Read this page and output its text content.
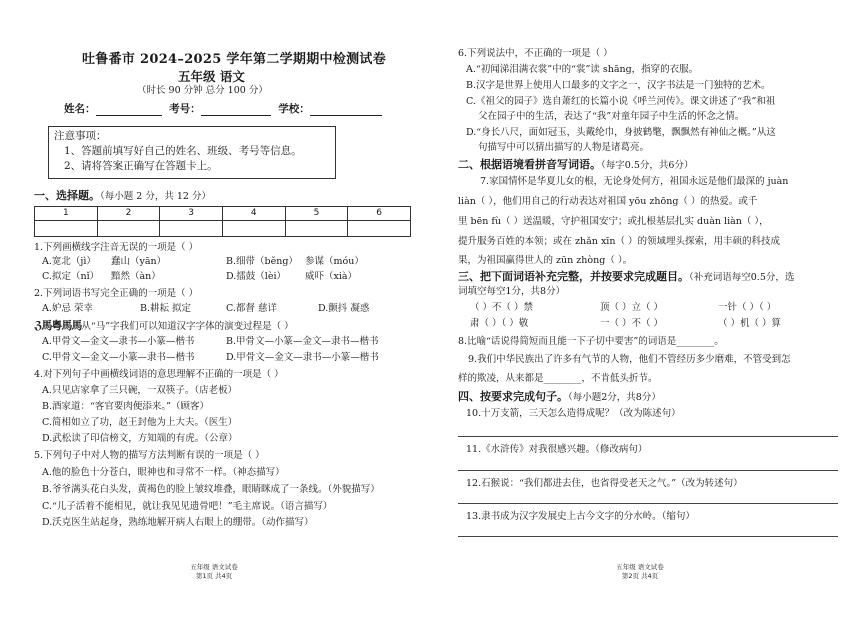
吐鲁番市 2024–2025 学年第二学期期中检测试卷
五年级 语文
（时长 90 分钟 总分 100 分）
姓名：	考号：	学校：
注意事项：
1、答题前填写好自己的姓名、班级、考号等信息。
2、请将答案正确写在答题卡上。
一、选择题。（每小题 2 分，共 12 分）
1	2	3	4	5	6

1.下列画横线字注音无误的一项是（ ）
A.宽北（jì） 蠢山（yān）	B.细带（běng） 参谋（móu）
C.拟定（nǐ） 黯然（àn）	D.擂鼓（lèi） 威吓（xià）
2.下列词语书写完全正确的一项是（ ）
A.妒忌 荣幸	B.耕耘 拟定	C.都督 慈详	D.颤抖 凝惑
ℨ馬粤馬馬从“马”字我们可以知道汉字字体的演变过程是（ ）
A.甲骨文—金文—隶书—小篆—楷书	B.甲骨文—小篆—金文—隶书—楷书
C.甲骨文—金文—小篆—隶书—楷书	D.甲骨文—金文—隶书—小篆—楷书
4.对下列句子中画横线词语的意思理解不正确的一项是（ ）
A.只见店家拿了三只碗，一双筷子。（店老板）
B.酒家道：“客官要肉便添来。”（顾客）
C.简相如立了功，赵王封他为上大夫。（医生）
D.武松读了印信榜文，方知端的有虎。（公章）
5.下列句子中对人物的描写方法判断有误的一项是（ ）
A.他的脸色十分苍白，眼神也和寻常不一样。（神态描写）
B.爷爷满头花白头发，黄褐色的脸上皱纹堆叠，眼睛眯成了一条线。（外貌描写）
C.“儿子活着不能相见，就让我见见遗骨吧！”毛主席说。（语言描写）
D.沃克医生站起身，熟练地解开病人右眼上的绷带。（动作描写）
五年级 语文试卷
第1页 共4页
6.下列说法中，不正确的一项是（ ）
A.“初闻涕泪满衣裳”中的“裳”读 shāng，指穿的衣服。
B.汉字是世界上使用人口最多的文字之一，汉字书法是一门独特的艺术。
C.《祖父的园子》选自萧红的长篇小说《呼兰河传》。课文讲述了“我”和祖
父在园子中的生活，表达了“我”对童年园子中生活的怀念之情。
D.“身长八尺，面如冠玉，头戴纶巾，身披鹤氅，飘飘然有神仙之概。”从这
句描写中可以猜出描写的人物是诸葛亮。
二、根据语境看拼音写词语。（每字0.5分，共6分）
7.家国情怀是华夏儿女的根，无论身处何方，祖国永远是他们最深的 juàn
liàn（ ），他们用自己的行动表达对祖国 yōu zhōng（ ）的热爱。或千
里 bēn fù（ ）送温暖，守护祖国安宁；或扎根基层扎实 duàn liàn（ ），
提升服务百姓的本领；或在 zhǎn xīn（ ）的领域埋头探索，用丰硕的科技成
果，为祖国赢得世人的 zūn zhòng（ ）。
三、把下面词语补充完整，并按要求完成题目。（补充词语每空0.5分，选
词填空每空1分，共8分）
（ ）不（ ）禁	顶（ ）立（ ）	一针（ ）（ ）
肃（ ）（ ）敬	一（ ）不（ ）	（ ）机（ ）算
8.比喻“话说得简短而且能一下子切中要害”的词语是________。
9.我们中华民族出了许多有气节的人物，他们不管经历多少磨难，不管受到怎
样的欺凌，从来都是________，不肯低头折节。
四、按要求完成句子。（每小题2分，共8分）
10.十万支箭，三天怎么造得成呢？（改为陈述句）
11.《水浒传》对我很感兴趣。（修改病句）
12.石猴说：“我们都进去住，也省得受老天之气。”（改为转述句）
13.隶书成为汉字发展史上古今文字的分水岭。（缩句）
五年级 语文试卷
第2页 共4页
